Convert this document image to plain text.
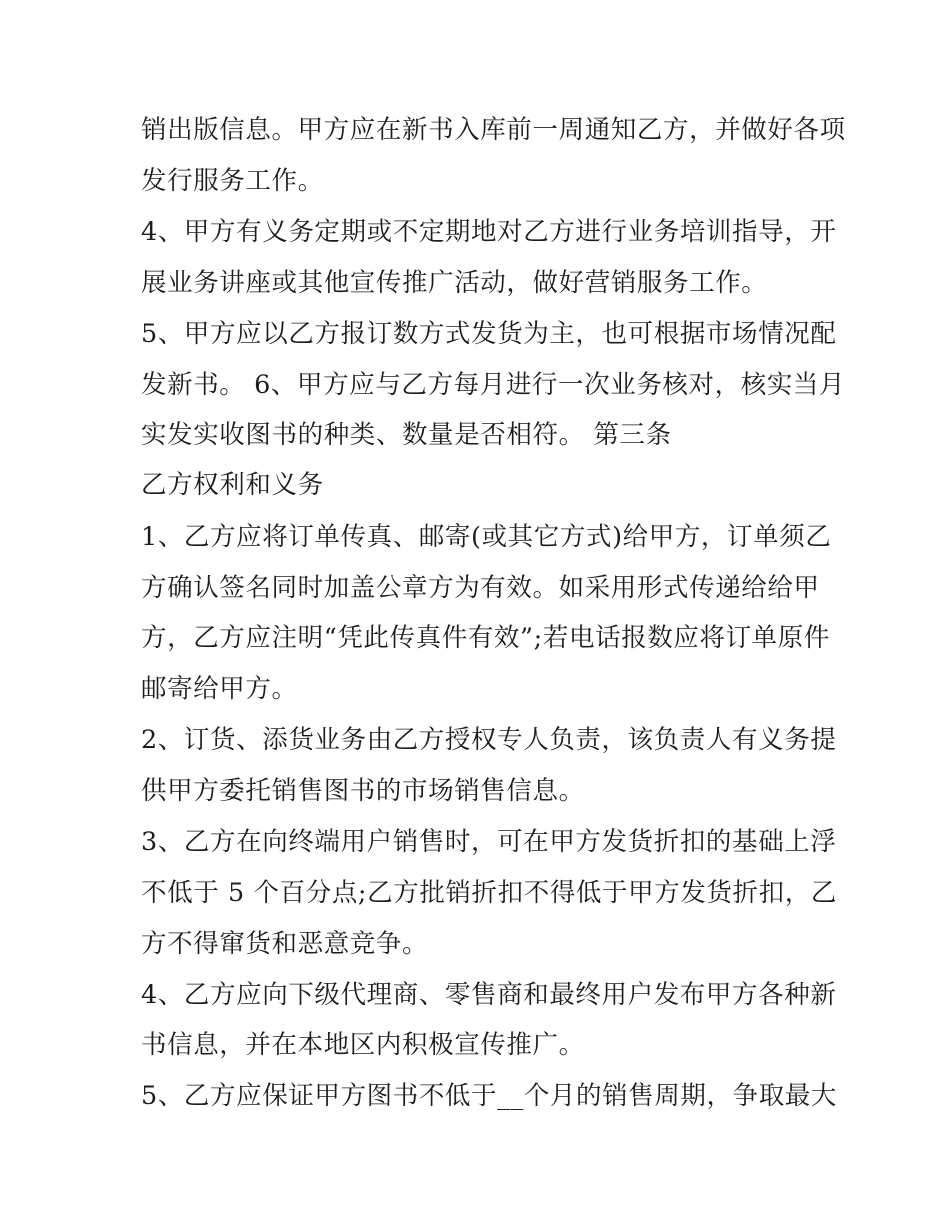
销出版信息。甲方应在新书入库前一周通知乙方，并做好各项

发行服务工作。

4、甲方有义务定期或不定期地对乙方进行业务培训指导，开

展业务讲座或其他宣传推广活动，做好营销服务工作。

5、甲方应以乙方报订数方式发货为主，也可根据市场情况配

发新书。 6、甲方应与乙方每月进行一次业务核对，核实当月

实发实收图书的种类、数量是否相符。 第三条

乙方权利和义务

1、乙方应将订单传真、邮寄(或其它方式)给甲方，订单须乙

方确认签名同时加盖公章方为有效。如采用形式传递给给甲

方，乙方应注明“凭此传真件有效”;若电话报数应将订单原件

邮寄给甲方。

2、订货、添货业务由乙方授权专人负责，该负责人有义务提

供甲方委托销售图书的市场销售信息。

3、乙方在向终端用户销售时，可在甲方发货折扣的基础上浮

不低于 5 个百分点;乙方批销折扣不得低于甲方发货折扣，乙

方不得窜货和恶意竞争。

4、乙方应向下级代理商、零售商和最终用户发布甲方各种新

书信息，并在本地区内积极宣传推广。

5、乙方应保证甲方图书不低于__个月的销售周期，争取最大
